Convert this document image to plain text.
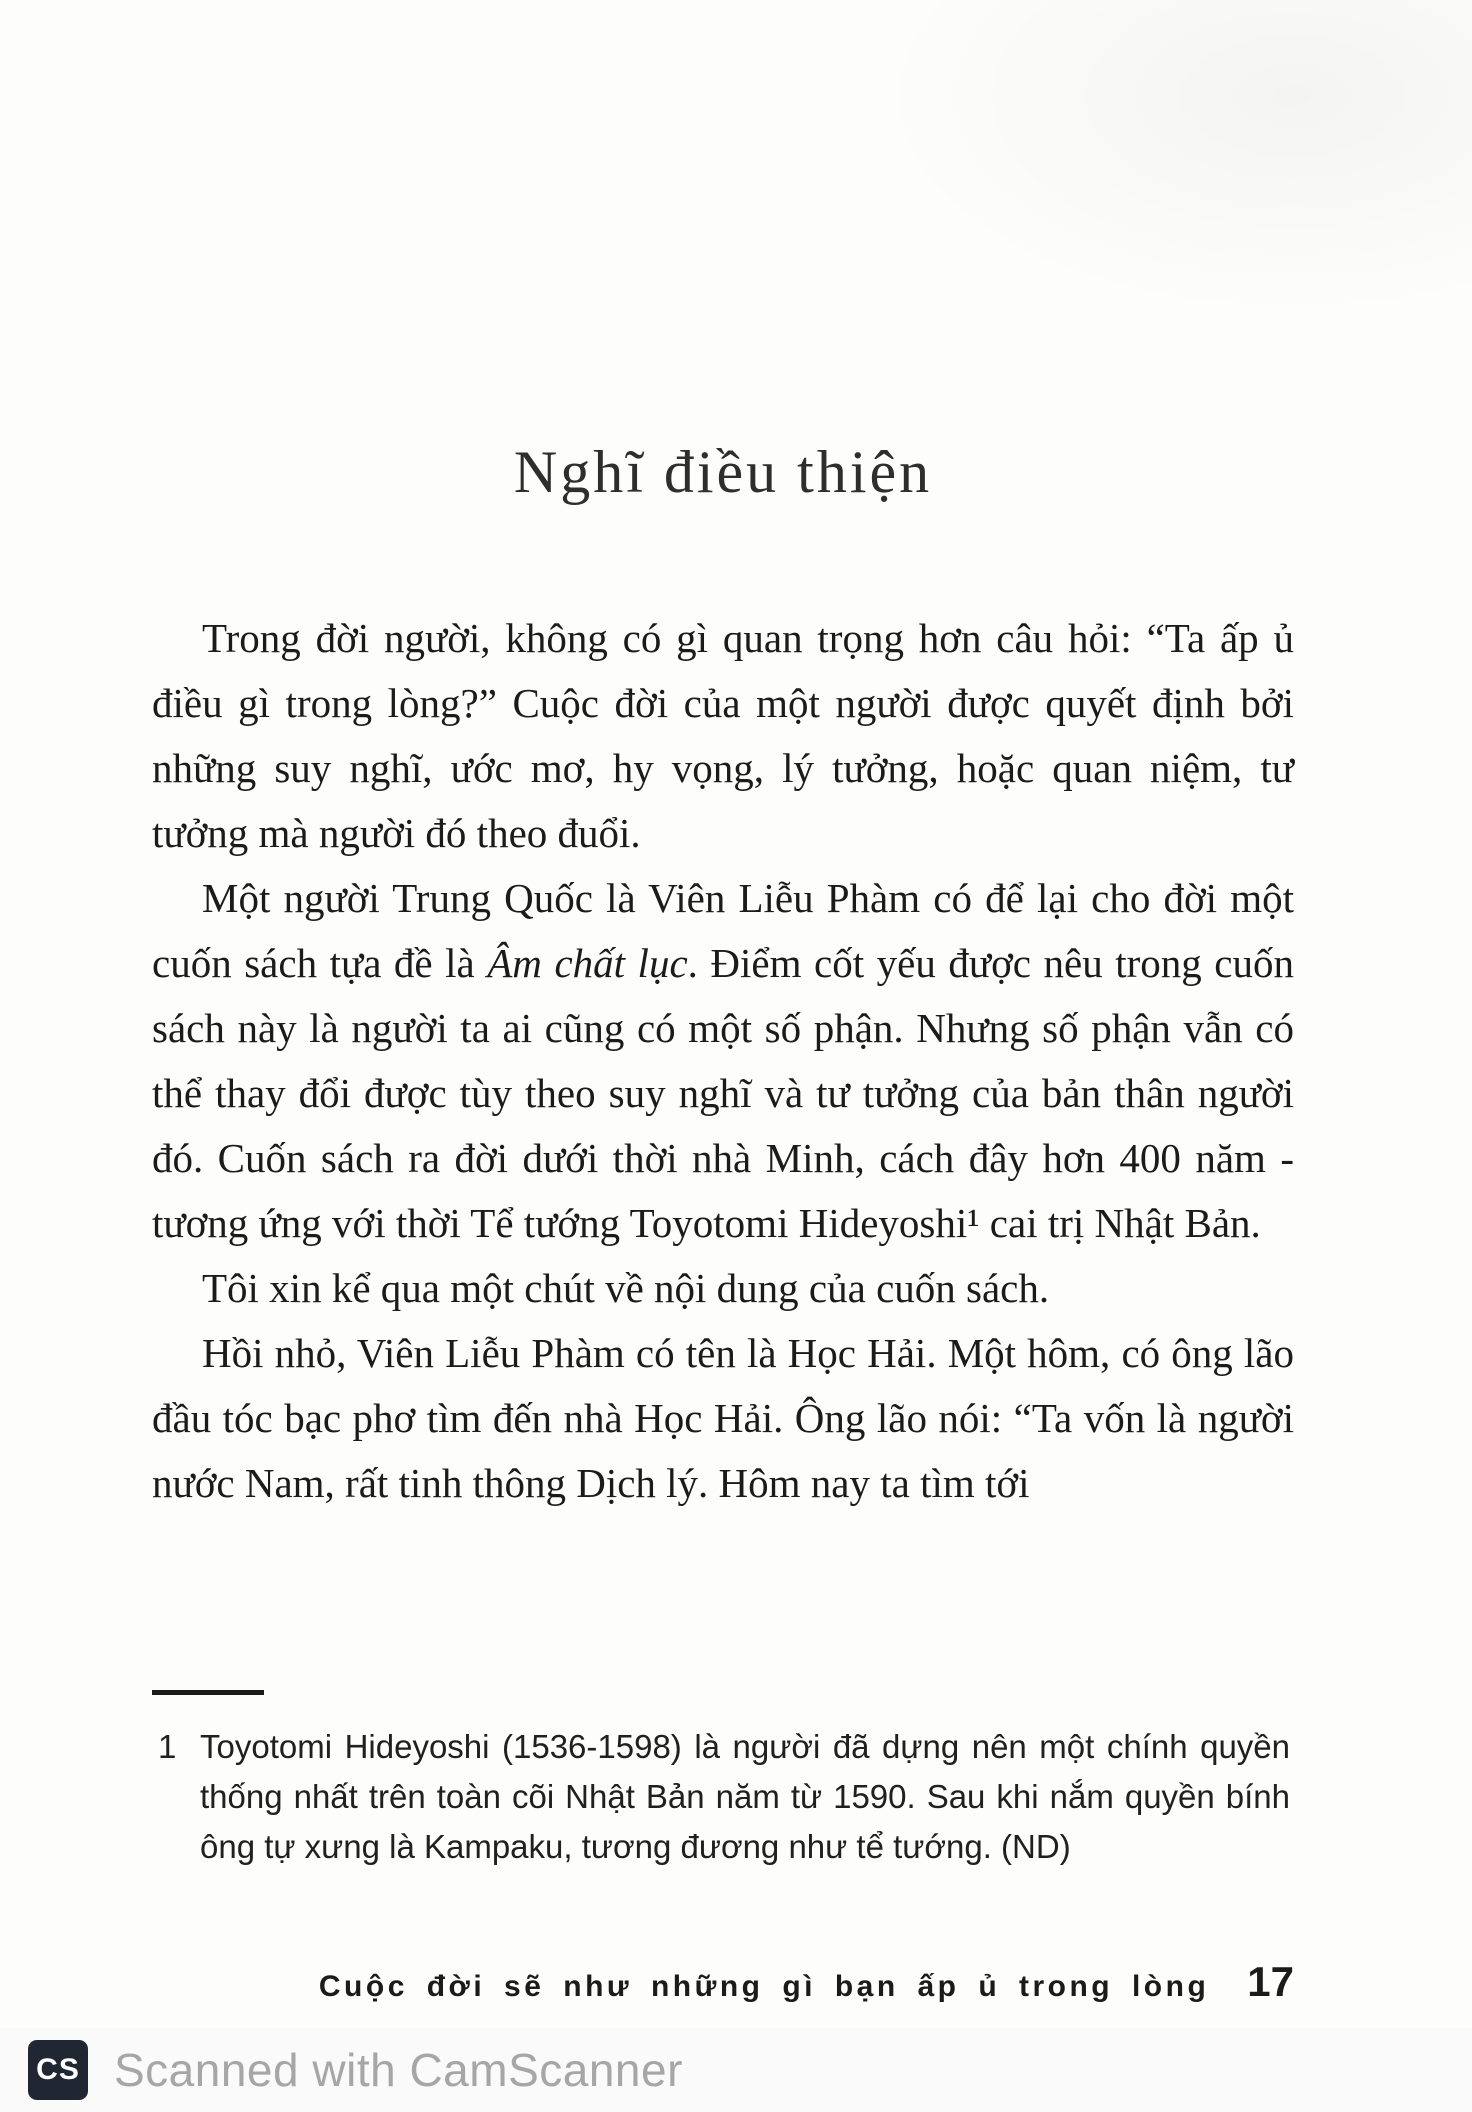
Nghĩ điều thiện

Trong đời người, không có gì quan trọng hơn câu hỏi: “Ta ấp ủ điều gì trong lòng?” Cuộc đời của một người được quyết định bởi những suy nghĩ, ước mơ, hy vọng, lý tưởng, hoặc quan niệm, tư tưởng mà người đó theo đuổi.

Một người Trung Quốc là Viên Liễu Phàm có để lại cho đời một cuốn sách tựa đề là Âm chất lục. Điểm cốt yếu được nêu trong cuốn sách này là người ta ai cũng có một số phận. Nhưng số phận vẫn có thể thay đổi được tùy theo suy nghĩ và tư tưởng của bản thân người đó. Cuốn sách ra đời dưới thời nhà Minh, cách đây hơn 400 năm - tương ứng với thời Tể tướng Toyotomi Hideyoshi¹ cai trị Nhật Bản.

Tôi xin kể qua một chút về nội dung của cuốn sách.

Hồi nhỏ, Viên Liễu Phàm có tên là Học Hải. Một hôm, có ông lão đầu tóc bạc phơ tìm đến nhà Học Hải. Ông lão nói: “Ta vốn là người nước Nam, rất tinh thông Dịch lý. Hôm nay ta tìm tới

1 Toyotomi Hideyoshi (1536-1598) là người đã dựng nên một chính quyền thống nhất trên toàn cõi Nhật Bản năm từ 1590. Sau khi nắm quyền bính ông tự xưng là Kampaku, tương đương như tể tướng. (ND)
Cuộc đời sẽ như những gì bạn ấp ủ trong lòng 17
CS Scanned with CamScanner
